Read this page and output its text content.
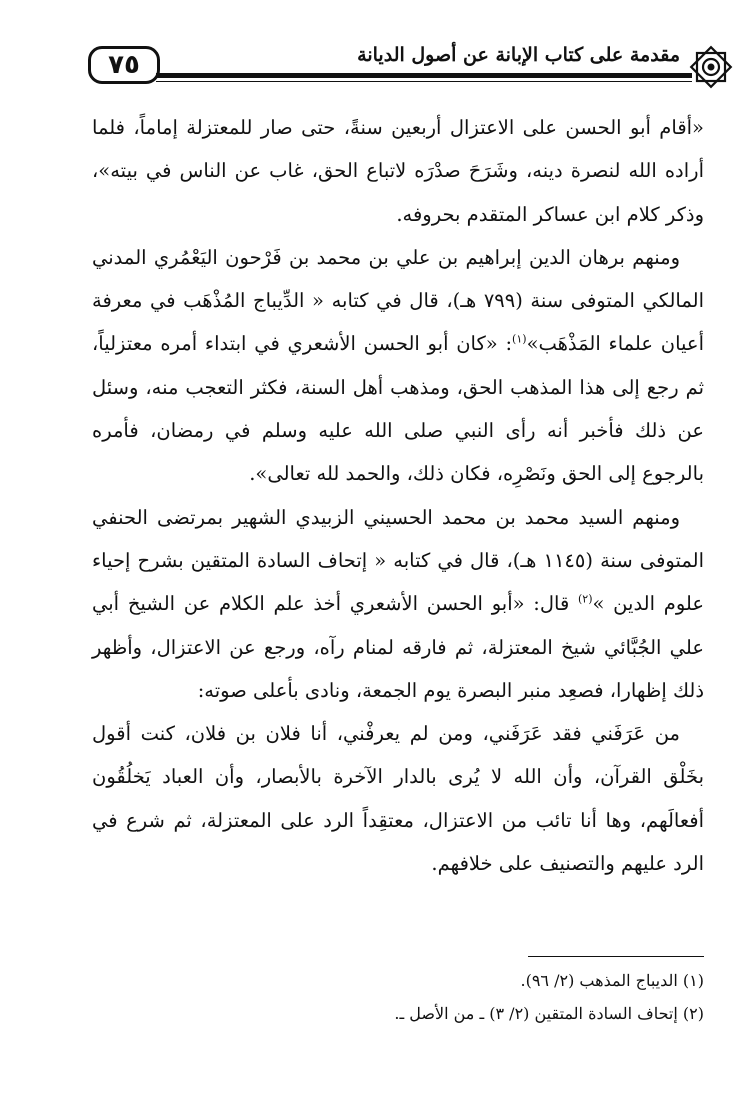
مقدمة على كتاب الإبانة عن أصول الديانة
٧٥

«أقام أبو الحسن على الاعتزال أربعين سنةً، حتى صار للمعتزلة إماماً، فلما أراده الله لنصرة دينه، وشَرَحَ صدْرَه لاتباع الحق، غاب عن الناس في بيته»، وذكر كلام ابن عساكر المتقدم بحروفه.

ومنهم برهان الدين إبراهيم بن علي بن محمد بن فَرْحون اليَعْمُري المدني المالكي المتوفى سنة (٧٩٩ هـ)، قال في كتابه « الدِّيباج المُذْهَب في معرفة أعيان علماء المَذْهَب»$^{(١)}$: «كان أبو الحسن الأشعري في ابتداء أمره معتزلياً، ثم رجع إلى هذا المذهب الحق، ومذهب أهل السنة، فكثر التعجب منه، وسئل عن ذلك فأخبر أنه رأى النبي صلى الله عليه وسلم في رمضان، فأمره بالرجوع إلى الحق ونَصْرِه، فكان ذلك، والحمد لله تعالى».

ومنهم السيد محمد بن محمد الحسيني الزبيدي الشهير بمرتضى الحنفي المتوفى سنة (١١٤٥ هـ)، قال في كتابه « إتحاف السادة المتقين بشرح إحياء علوم الدين »$^{(٢)}$ قال: «أبو الحسن الأشعري أخذ علم الكلام عن الشيخ أبي علي الجُبَّائي شيخ المعتزلة، ثم فارقه لمنام رآه، ورجع عن الاعتزال، وأظهر ذلك إظهارا، فصعِد منبر البصرة يوم الجمعة، ونادى بأعلى صوته:

من عَرَفَني فقد عَرَفَني، ومن لم يعرفْني، أنا فلان بن فلان، كنت أقول بخَلْق القرآن، وأن الله لا يُرى بالدار الآخرة بالأبصار، وأن العباد يَخلُقُون أفعالَهم، وها أنا تائب من الاعتزال، معتقِداً الرد على المعتزلة، ثم شرع في الرد عليهم والتصنيف على خلافهم.

(١) الديباج المذهب (٢/ ٩٦).

(٢) إتحاف السادة المتقين (٢/ ٣) ـ من الأصل ـ.
